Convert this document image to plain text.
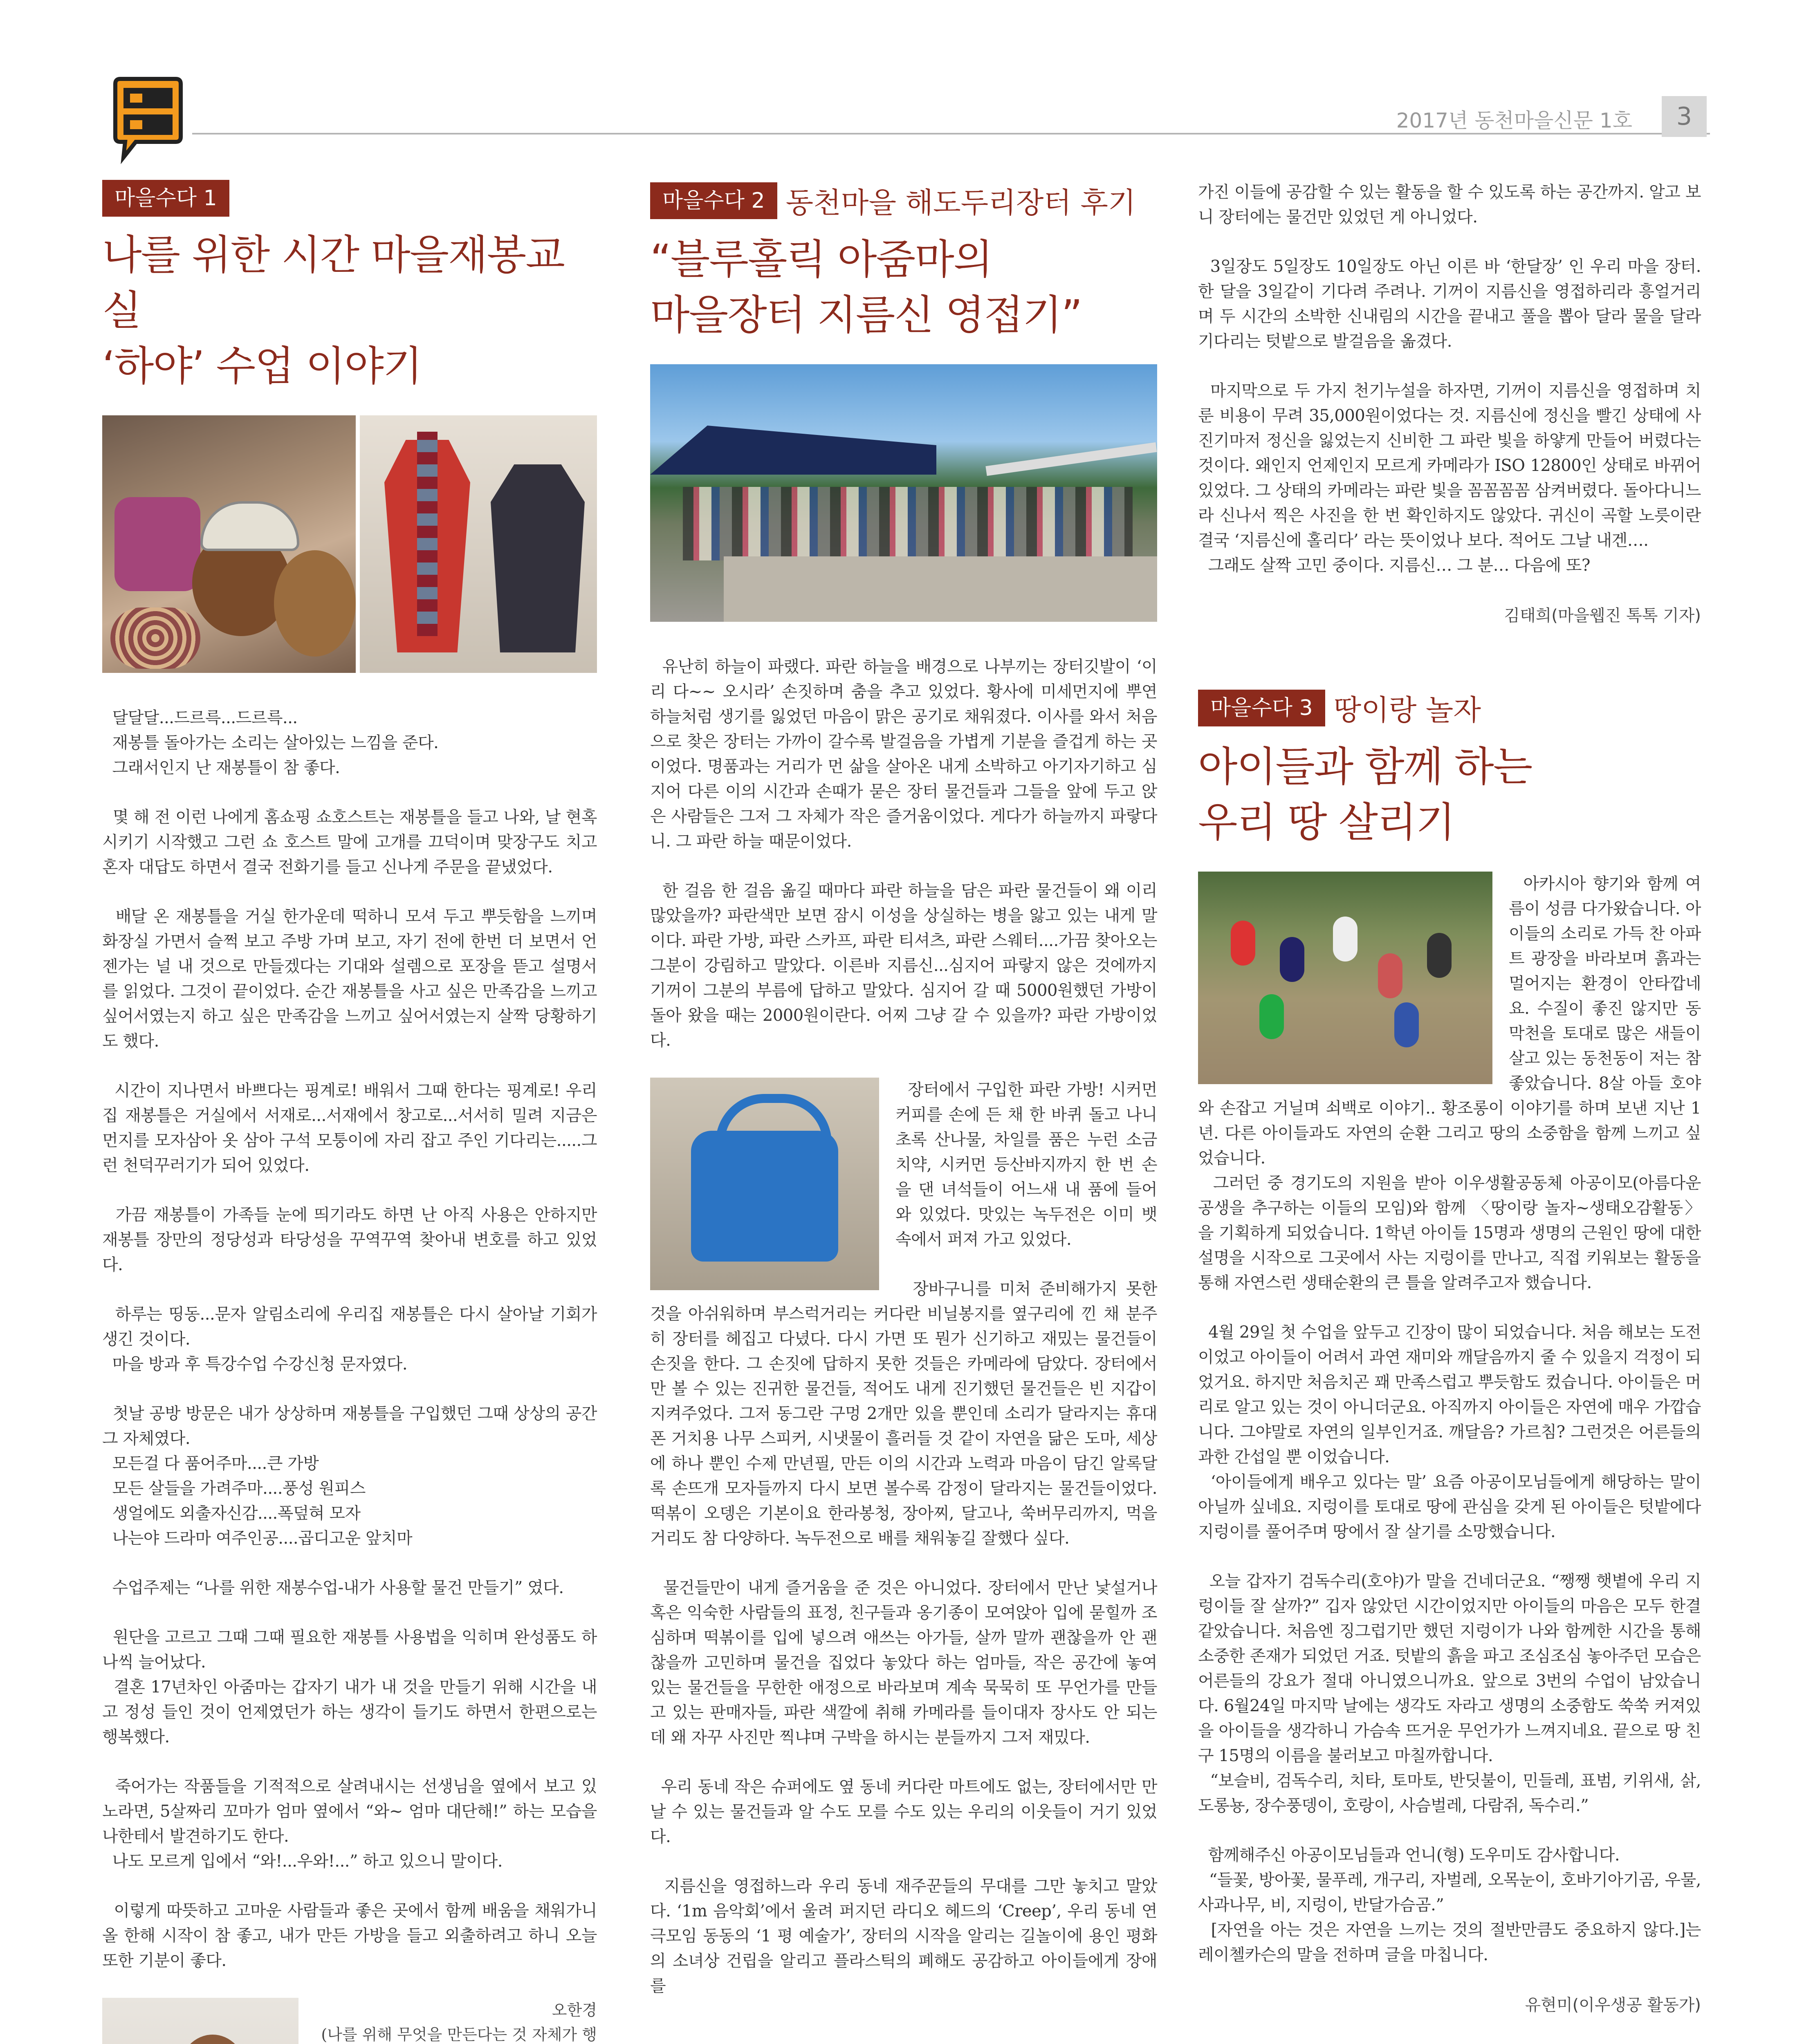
2017년 동천마을신문 1호	3
마을수다 1
나를 위한 시간 마을재봉교실
‘하야’ 수업 이야기

달달달...드르륵...드르륵...
재봉틀 돌아가는 소리는 살아있는 느낌을 준다.
그래서인지 난 재봉틀이 참 좋다.

몇 해 전 이런 나에게 홈쇼핑 쇼호스트는 재봉틀을 들고 나와, 날 현혹시키기 시작했고 그런 쇼 호스트 말에 고개를 끄덕이며 맞장구도 치고 혼자 대답도 하면서 결국 전화기를 들고 신나게 주문을 끝냈었다.

배달 온 재봉틀을 거실 한가운데 떡하니 모셔 두고 뿌듯함을 느끼며 화장실 가면서 슬쩍 보고 주방 가며 보고, 자기 전에 한번 더 보면서 언젠가는 널 내 것으로 만들겠다는 기대와 설렘으로 포장을 뜯고 설명서를 읽었다. 그것이 끝이었다. 순간 재봉틀을 사고 싶은 만족감을 느끼고 싶어서였는지 하고 싶은 만족감을 느끼고 싶어서였는지 살짝 당황하기도 했다.

시간이 지나면서 바쁘다는 핑계로! 배워서 그때 한다는 핑계로! 우리집 재봉틀은 거실에서 서재로...서재에서 창고로...서서히 밀려 지금은 먼지를 모자삼아 옷 삼아 구석 모퉁이에 자리 잡고 주인 기다리는.....그런 천덕꾸러기가 되어 있었다.

가끔 재봉틀이 가족들 눈에 띄기라도 하면 난 아직 사용은 안하지만 재봉틀 장만의 정당성과 타당성을 꾸역꾸역 찾아내 변호를 하고 있었다.

하루는 띵동...문자 알림소리에 우리집 재봉틀은 다시 살아날 기회가 생긴 것이다.
마을 방과 후 특강수업 수강신청 문자였다.

첫날 공방 방문은 내가 상상하며 재봉틀을 구입했던 그때 상상의 공간 그 자체였다.
모든걸 다 품어주마....큰 가방
모든 살들을 가려주마....풍성 원피스
생얼에도 외출자신감....폭덮혀 모자
나는야 드라마 여주인공....곱디고운 앞치마

수업주제는 “나를 위한 재봉수업-내가 사용할 물건 만들기” 였다.

원단을 고르고 그때 그때 필요한 재봉틀 사용법을 익히며 완성품도 하나씩 늘어났다.
결혼 17년차인 아줌마는 갑자기 내가 내 것을 만들기 위해 시간을 내고 정성 들인 것이 언제였던가 하는 생각이 들기도 하면서 한편으로는 행복했다.

죽어가는 작품들을 기적적으로 살려내시는 선생님을 옆에서 보고 있노라면, 5살짜리 꼬마가 엄마 옆에서 “와~ 엄마 대단해!” 하는 모습을 나한테서 발견하기도 한다.
나도 모르게 입에서 “와!...우와!...” 하고 있으니 말이다.

이렇게 따뜻하고 고마운 사람들과 좋은 곳에서 함께 배움을 채워가니 올 한해 시작이 참 좋고, 내가 만든 가방을 들고 외출하려고 하니 오늘 또한 기분이 좋다.

오한경
(나를 위해 무엇을 만든다는 것 자체가 행
마을수다 2 동천마을 해도두리장터 후기
“블루홀릭 아줌마의
마을장터 지름신 영접기”

유난히 하늘이 파랬다. 파란 하늘을 배경으로 나부끼는 장터깃발이 ‘이리 다~~ 오시라’ 손짓하며 춤을 추고 있었다. 황사에 미세먼지에 뿌연 하늘처럼 생기를 잃었던 마음이 맑은 공기로 채워졌다. 이사를 와서 처음으로 찾은 장터는 가까이 갈수록 발걸음을 가볍게 기분을 즐겁게 하는 곳이었다. 명품과는 거리가 먼 삶을 살아온 내게 소박하고 아기자기하고 심지어 다른 이의 시간과 손때가 묻은 장터 물건들과 그들을 앞에 두고 앉은 사람들은 그저 그 자체가 작은 즐거움이었다. 게다가 하늘까지 파랗다니. 그 파란 하늘 때문이었다.

한 걸음 한 걸음 옮길 때마다 파란 하늘을 담은 파란 물건들이 왜 이리 많았을까? 파란색만 보면 잠시 이성을 상실하는 병을 앓고 있는 내게 말이다. 파란 가방, 파란 스카프, 파란 티셔츠, 파란 스웨터....가끔 찾아오는 그분이 강림하고 말았다. 이른바 지름신...심지어 파랗지 않은 것에까지 기꺼이 그분의 부름에 답하고 말았다. 심지어 갈 때 5000원했던 가방이 돌아 왔을 때는 2000원이란다. 어찌 그냥 갈 수 있을까? 파란 가방이었다.

장터에서 구입한 파란 가방! 시커먼 커피를 손에 든 채 한 바퀴 돌고 나니 초록 산나물, 차일를 품은 누런 소금치약, 시커먼 등산바지까지 한 번 손을 댄 녀석들이 어느새 내 품에 들어와 있었다. 맛있는 녹두전은 이미 뱃속에서 퍼져 가고 있었다.

장바구니를 미처 준비해가지 못한 것을 아쉬워하며 부스럭거리는 커다란 비닐봉지를 옆구리에 낀 채 분주히 장터를 헤집고 다녔다. 다시 가면 또 뭔가 신기하고 재밌는 물건들이 손짓을 한다. 그 손짓에 답하지 못한 것들은 카메라에 담았다. 장터에서만 볼 수 있는 진귀한 물건들, 적어도 내게 진기했던 물건들은 빈 지갑이 지켜주었다. 그저 동그란 구멍 2개만 있을 뿐인데 소리가 달라지는 휴대폰 거치용 나무 스피커, 시냇물이 흘러들 것 같이 자연을 닮은 도마, 세상에 하나 뿐인 수제 만년필, 만든 이의 시간과 노력과 마음이 담긴 알록달록 손뜨개 모자들까지 다시 보면 볼수록 감정이 달라지는 물건들이었다. 떡볶이 오뎅은 기본이요 한라봉청, 장아찌, 달고나, 쑥버무리까지, 먹을거리도 참 다양하다. 녹두전으로 배를 채워놓길 잘했다 싶다.

물건들만이 내게 즐거움을 준 것은 아니었다. 장터에서 만난 낯설거나 혹은 익숙한 사람들의 표정, 친구들과 옹기종이 모여앉아 입에 묻힐까 조심하며 떡볶이를 입에 넣으려 애쓰는 아가들, 살까 말까 괜찮을까 안 괜찮을까 고민하며 물건을 집었다 놓았다 하는 엄마들, 작은 공간에 놓여 있는 물건들을 무한한 애정으로 바라보며 계속 묵묵히 또 무언가를 만들고 있는 판매자들, 파란 색깔에 취해 카메라를 들이대자 장사도 안 되는데 왜 자꾸 사진만 찍냐며 구박을 하시는 분들까지 그저 재밌다.

우리 동네 작은 슈퍼에도 옆 동네 커다란 마트에도 없는, 장터에서만 만날 수 있는 물건들과 알 수도 모를 수도 있는 우리의 이웃들이 거기 있었다.

지름신을 영접하느라 우리 동네 재주꾼들의 무대를 그만 놓치고 말았다. ‘1m 음악회’에서 울려 퍼지던 라디오 헤드의 ‘Creep’, 우리 동네 연극모임 동동의 ‘1 평 예술가’, 장터의 시작을 알리는 길놀이에 용인 평화의 소녀상 건립을 알리고 플라스틱의 폐해도 공감하고 아이들에게 장애를

가진 이들에 공감할 수 있는 활동을 할 수 있도록 하는 공간까지. 알고 보니 장터에는 물건만 있었던 게 아니었다.

3일장도 5일장도 10일장도 아닌 이른 바 ‘한달장’ 인 우리 마을 장터. 한 달을 3일같이 기다려 주려나. 기꺼이 지름신을 영접하리라 흥얼거리며 두 시간의 소박한 신내림의 시간을 끝내고 풀을 뽑아 달라 물을 달라 기다리는 텃밭으로 발걸음을 옮겼다.

마지막으로 두 가지 천기누설을 하자면, 기꺼이 지름신을 영접하며 치룬 비용이 무려 35,000원이었다는 것. 지름신에 정신을 빨긴 상태에 사진기마저 정신을 잃었는지 신비한 그 파란 빛을 하얗게 만들어 버렸다는 것이다. 왜인지 언제인지 모르게 카메라가 ISO 12800인 상태로 바뀌어 있었다. 그 상태의 카메라는 파란 빛을 꼼꼼꼼꼼 삼켜버렸다. 돌아다니느라 신나서 찍은 사진을 한 번 확인하지도 않았다. 귀신이 곡할 노릇이란 결국 ‘지름신에 홀리다’ 라는 뜻이었나 보다. 적어도 그날 내겐….
그래도 살짝 고민 중이다. 지름신… 그 분… 다음에 또?

김태희(마을웹진 톡톡 기자)
마을수다 3 땅이랑 놀자
아이들과 함께 하는
우리 땅 살리기

아카시아 향기와 함께 여름이 성큼 다가왔습니다. 아이들의 소리로 가득 찬 아파트 광장을 바라보며 흙과는 멀어지는 환경이 안타깝네요. 수질이 좋진 않지만 동막천을 토대로 많은 새들이 살고 있는 동천동이 저는 참 좋았습니다. 8살 아들 호야와 손잡고 거닐며 쇠백로 이야기.. 황조롱이 이야기를 하며 보낸 지난 1년. 다른 아이들과도 자연의 순환 그리고 땅의 소중함을 함께 느끼고 싶었습니다.
그러던 중 경기도의 지원을 받아 이우생활공동체 아공이모(아름다운 공생을 추구하는 이들의 모임)와 함께 〈땅이랑 놀자~생태오감활동〉을 기획하게 되었습니다. 1학년 아이들 15명과 생명의 근원인 땅에 대한 설명을 시작으로 그곳에서 사는 지렁이를 만나고, 직접 키워보는 활동을 통해 자연스런 생태순환의 큰 틀을 알려주고자 했습니다.

4월 29일 첫 수업을 앞두고 긴장이 많이 되었습니다. 처음 해보는 도전이었고 아이들이 어려서 과연 재미와 깨달음까지 줄 수 있을지 걱정이 되었거요. 하지만 처음치곤 꽤 만족스럽고 뿌듯함도 컸습니다. 아이들은 머리로 알고 있는 것이 아니더군요. 아직까지 아이들은 자연에 매우 가깝습니다. 그야말로 자연의 일부인거죠. 깨달음? 가르침? 그런것은 어른들의 과한 간섭일 뿐 이었습니다.
‘아이들에게 배우고 있다는 말’ 요즘 아공이모님들에게 해당하는 말이 아닐까 싶네요. 지렁이를 토대로 땅에 관심을 갖게 된 아이들은 텃밭에다 지렁이를 풀어주며 땅에서 잘 살기를 소망했습니다.

오늘 갑자기 검독수리(호야)가 말을 건네더군요. “쨍쨍 햇볕에 우리 지렁이들 잘 살까?” 깁자 않았던 시간이었지만 아이들의 마음은 모두 한결 같았습니다. 처음엔 징그럽기만 했던 지렁이가 나와 함께한 시간을 통해 소중한 존재가 되었던 거죠. 텃밭의 흙을 파고 조심조심 놓아주던 모습은 어른들의 강요가 절대 아니였으니까요. 앞으로 3번의 수업이 남았습니다. 6월24일 마지막 날에는 생각도 자라고 생명의 소중함도 쑥쑥 커져있을 아이들을 생각하니 가슴속 뜨거운 무언가가 느껴지네요. 끝으로 땅 친구 15명의 이름을 불러보고 마칠까합니다.
“보슬비, 검독수리, 치타, 토마토, 반딧불이, 민들레, 표범, 키위새, 삵, 도롱뇽, 장수풍뎅이, 호랑이, 사슴벌레, 다람쥐, 독수리.”

함께해주신 아공이모님들과 언니(형) 도우미도 감사합니다.
“들꽃, 방아꽃, 물푸레, 개구리, 자벌레, 오목눈이, 호바기아기곰, 우물, 사과나무, 비, 지렁이, 반달가슴곰.”
[자연을 아는 것은 자연을 느끼는 것의 절반만큼도 중요하지 않다.]는 레이첼카슨의 말을 전하며 글을 마칩니다.

유현미(이우생공 활동가)
